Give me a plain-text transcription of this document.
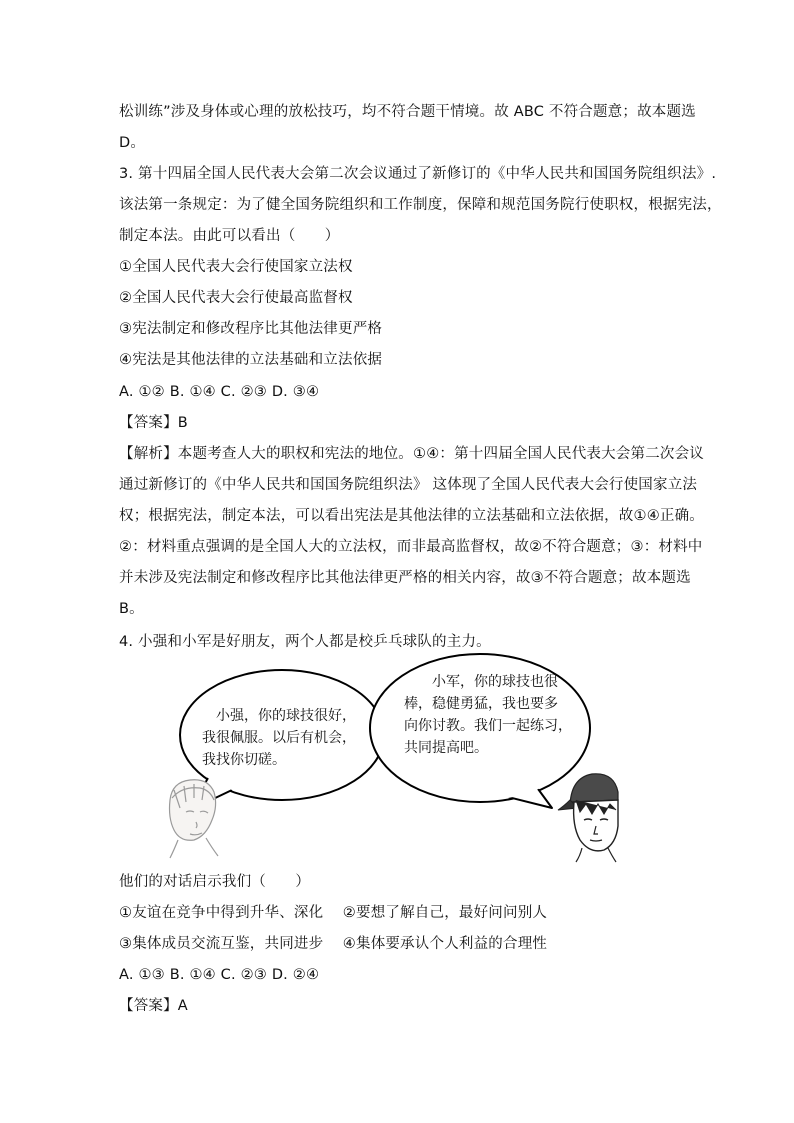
松训练”涉及身体或心理的放松技巧，均不符合题干情境。故 ABC 不符合题意；故本题选
D。
3. 第十四届全国人民代表大会第二次会议通过了新修订的《中华人民共和国国务院组织法》.
该法第一条规定：为了健全国务院组织和工作制度，保障和规范国务院行使职权，根据宪法，
制定本法。由此可以看出（　　）
①全国人民代表大会行使国家立法权
②全国人民代表大会行使最高监督权
③宪法制定和修改程序比其他法律更严格
④宪法是其他法律的立法基础和立法依据
A. ①② B. ①④ C. ②③ D. ③④
【答案】B
【解析】本题考查人大的职权和宪法的地位。①④：第十四届全国人民代表大会第二次会议
通过新修订的《中华人民共和国国务院组织法》 这体现了全国人民代表大会行使国家立法
权；根据宪法，制定本法，可以看出宪法是其他法律的立法基础和立法依据，故①④正确。
②：材料重点强调的是全国人大的立法权，而非最高监督权，故②不符合题意；③：材料中
并未涉及宪法制定和修改程序比其他法律更严格的相关内容，故③不符合题意；故本题选
B。
4. 小强和小军是好朋友，两个人都是校乒乓球队的主力。
　小强，你的球技很好，
我很佩服。以后有机会，
我找你切磋。
　　小军，你的球技也很
棒，稳健勇猛，我也要多
向你讨教。我们一起练习，
共同提高吧。
他们的对话启示我们（　　）
①友谊在竞争中得到升华、深化　 ②要想了解自己，最好问问别人
③集体成员交流互鉴，共同进步　 ④集体要承认个人利益的合理性
A. ①③ B. ①④ C. ②③ D. ②④
【答案】A
